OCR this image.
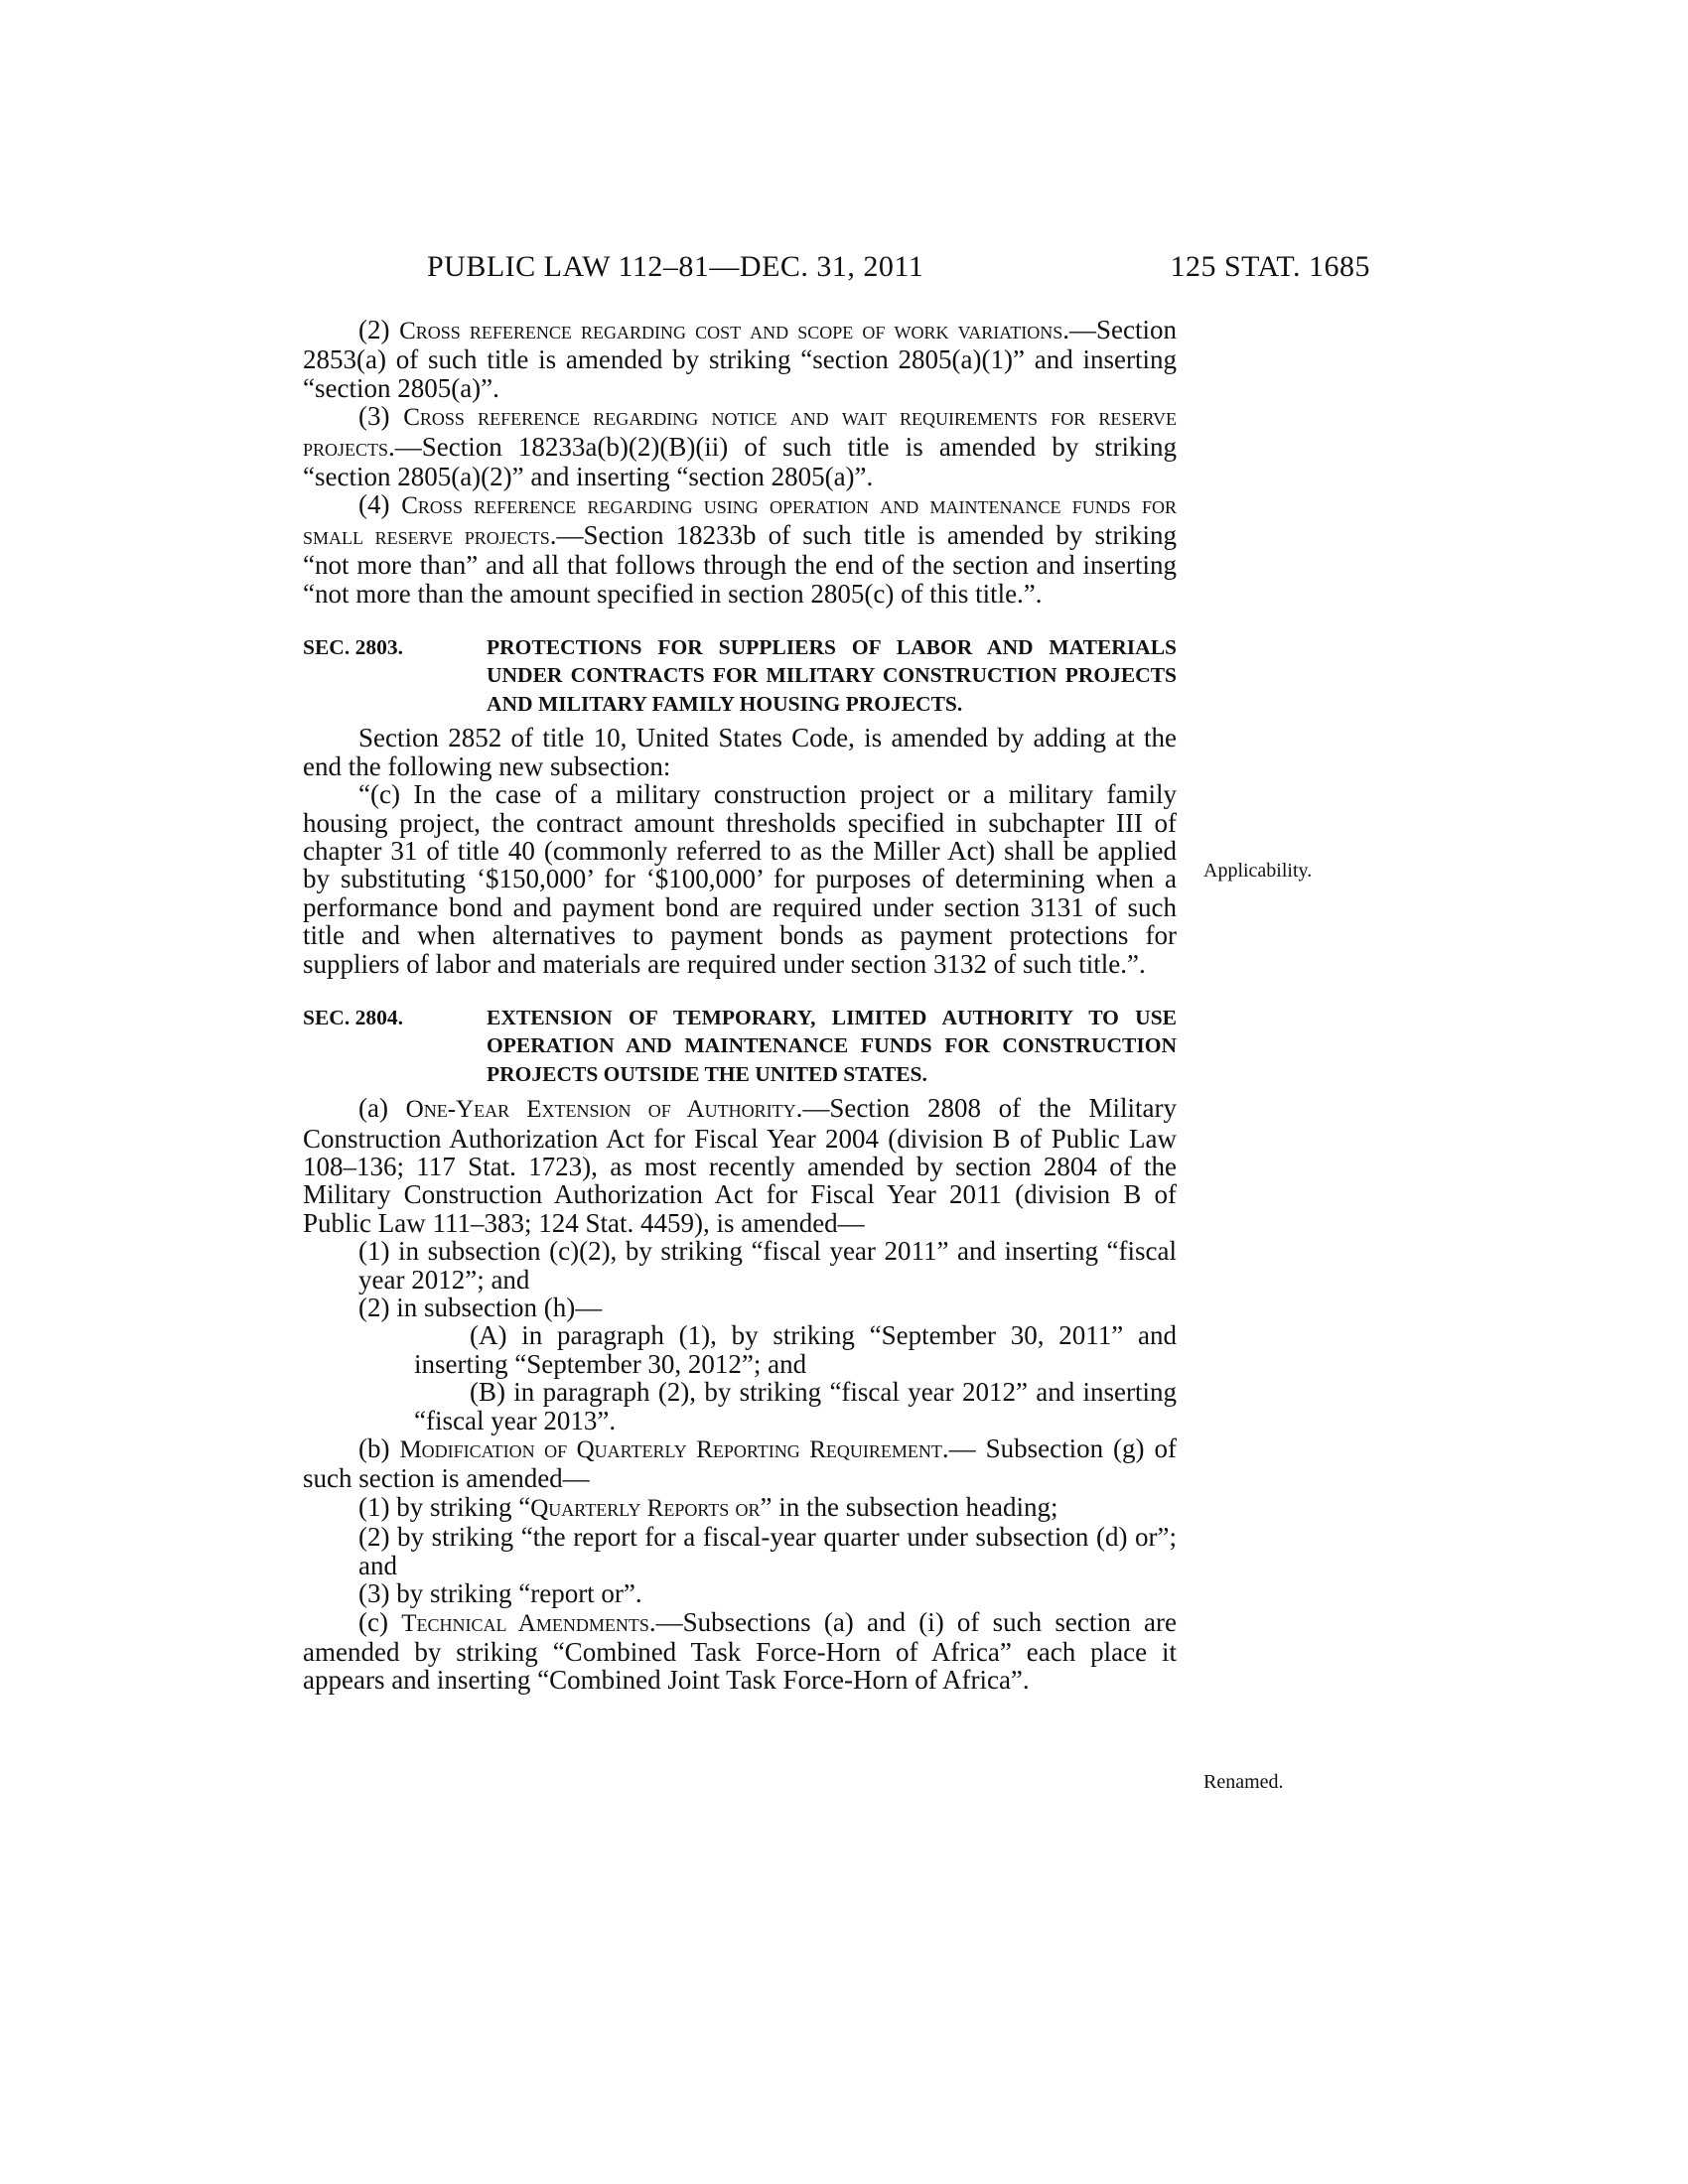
PUBLIC LAW 112–81—DEC. 31, 2011	125 STAT. 1685

(2) Cross reference regarding cost and scope of work variations.—Section 2853(a) of such title is amended by striking “section 2805(a)(1)” and inserting “section 2805(a)”.

(3) Cross reference regarding notice and wait requirements for reserve projects.—Section 18233a(b)(2)(B)(ii) of such title is amended by striking “section 2805(a)(2)” and inserting “section 2805(a)”.

(4) Cross reference regarding using operation and maintenance funds for small reserve projects.—Section 18233b of such title is amended by striking “not more than” and all that follows through the end of the section and inserting “not more than the amount specified in section 2805(c) of this title.”.

SEC. 2803.	PROTECTIONS FOR SUPPLIERS OF LABOR AND MATERIALS UNDER CONTRACTS FOR MILITARY CONSTRUCTION PROJECTS AND MILITARY FAMILY HOUSING PROJECTS.

Section 2852 of title 10, United States Code, is amended by adding at the end the following new subsection:

“(c) In the case of a military construction project or a military family housing project, the contract amount thresholds specified in subchapter III of chapter 31 of title 40 (commonly referred to as the Miller Act) shall be applied by substituting ‘$150,000’ for ‘$100,000’ for purposes of determining when a performance bond and payment bond are required under section 3131 of such title and when alternatives to payment bonds as payment protections for suppliers of labor and materials are required under section 3132 of such title.”.

SEC. 2804.	EXTENSION OF TEMPORARY, LIMITED AUTHORITY TO USE OPERATION AND MAINTENANCE FUNDS FOR CONSTRUCTION PROJECTS OUTSIDE THE UNITED STATES.

(a) One-Year Extension of Authority.—Section 2808 of the Military Construction Authorization Act for Fiscal Year 2004 (division B of Public Law 108–136; 117 Stat. 1723), as most recently amended by section 2804 of the Military Construction Authorization Act for Fiscal Year 2011 (division B of Public Law 111–383; 124 Stat. 4459), is amended—

(1) in subsection (c)(2), by striking “fiscal year 2011” and inserting “fiscal year 2012”; and

(2) in subsection (h)—

(A) in paragraph (1), by striking “September 30, 2011” and inserting “September 30, 2012”; and

(B) in paragraph (2), by striking “fiscal year 2012” and inserting “fiscal year 2013”.

(b) Modification of Quarterly Reporting Requirement.— Subsection (g) of such section is amended—

(1) by striking “Quarterly Reports or” in the subsection heading;

(2) by striking “the report for a fiscal-year quarter under subsection (d) or”; and

(3) by striking “report or”.

(c) Technical Amendments.—Subsections (a) and (i) of such section are amended by striking “Combined Task Force-Horn of Africa” each place it appears and inserting “Combined Joint Task Force-Horn of Africa”.

Applicability.
Renamed.
